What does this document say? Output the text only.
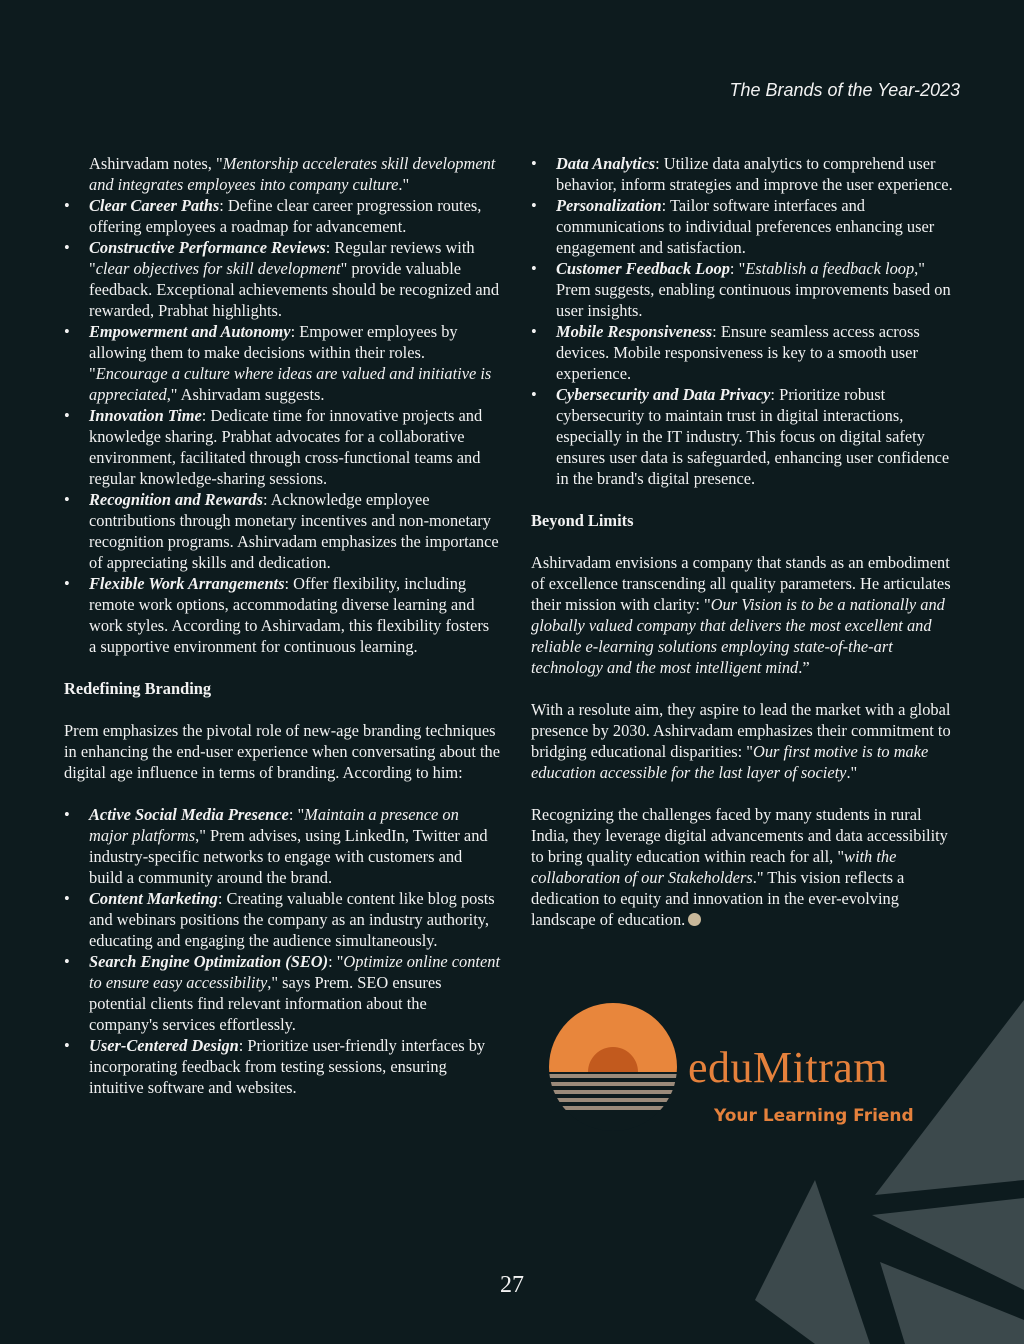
The Brands of the Year-2023

Ashirvadam notes, "Mentorship accelerates skill development and integrates employees into company culture."

• Clear Career Paths: Define clear career progression routes, offering employees a roadmap for advancement.
• Constructive Performance Reviews: Regular reviews with "clear objectives for skill development" provide valuable feedback. Exceptional achievements should be recognized and rewarded, Prabhat highlights.
• Empowerment and Autonomy: Empower employees by allowing them to make decisions within their roles. "Encourage a culture where ideas are valued and initiative is appreciated," Ashirvadam suggests.
• Innovation Time: Dedicate time for innovative projects and knowledge sharing. Prabhat advocates for a collaborative environment, facilitated through cross-functional teams and regular knowledge-sharing sessions.
• Recognition and Rewards: Acknowledge employee contributions through monetary incentives and non-monetary recognition programs. Ashirvadam emphasizes the importance of appreciating skills and dedication.
• Flexible Work Arrangements: Offer flexibility, including remote work options, accommodating diverse learning and work styles. According to Ashirvadam, this flexibility fosters a supportive environment for continuous learning.

Redefining Branding

Prem emphasizes the pivotal role of new-age branding techniques in enhancing the end-user experience when conversating about the digital age influence in terms of branding. According to him:

• Active Social Media Presence: "Maintain a presence on major platforms," Prem advises, using LinkedIn, Twitter and industry-specific networks to engage with customers and build a community around the brand.
• Content Marketing: Creating valuable content like blog posts and webinars positions the company as an industry authority, educating and engaging the audience simultaneously.
• Search Engine Optimization (SEO): "Optimize online content to ensure easy accessibility," says Prem. SEO ensures potential clients find relevant information about the company's services effortlessly.
• User-Centered Design: Prioritize user-friendly interfaces by incorporating feedback from testing sessions, ensuring intuitive software and websites.
• Data Analytics: Utilize data analytics to comprehend user behavior, inform strategies and improve the user experience.
• Personalization: Tailor software interfaces and communications to individual preferences enhancing user engagement and satisfaction.
• Customer Feedback Loop: "Establish a feedback loop," Prem suggests, enabling continuous improvements based on user insights.
• Mobile Responsiveness: Ensure seamless access across devices. Mobile responsiveness is key to a smooth user experience.
• Cybersecurity and Data Privacy: Prioritize robust cybersecurity to maintain trust in digital interactions, especially in the IT industry. This focus on digital safety ensures user data is safeguarded, enhancing user confidence in the brand's digital presence.

Beyond Limits

Ashirvadam envisions a company that stands as an embodiment of excellence transcending all quality parameters. He articulates their mission with clarity: "Our Vision is to be a nationally and globally valued company that delivers the most excellent and reliable e-learning solutions employing state-of-the-art technology and the most intelligent mind.”

With a resolute aim, they aspire to lead the market with a global presence by 2030. Ashirvadam emphasizes their commitment to bridging educational disparities: "Our first motive is to make education accessible for the last layer of society."

Recognizing the challenges faced by many students in rural India, they leverage digital advancements and data accessibility to bring quality education within reach for all, "with the collaboration of our Stakeholders." This vision reflects a dedication to equity and innovation in the ever-evolving landscape of education.

eduMitram
Your Learning Friend
27
